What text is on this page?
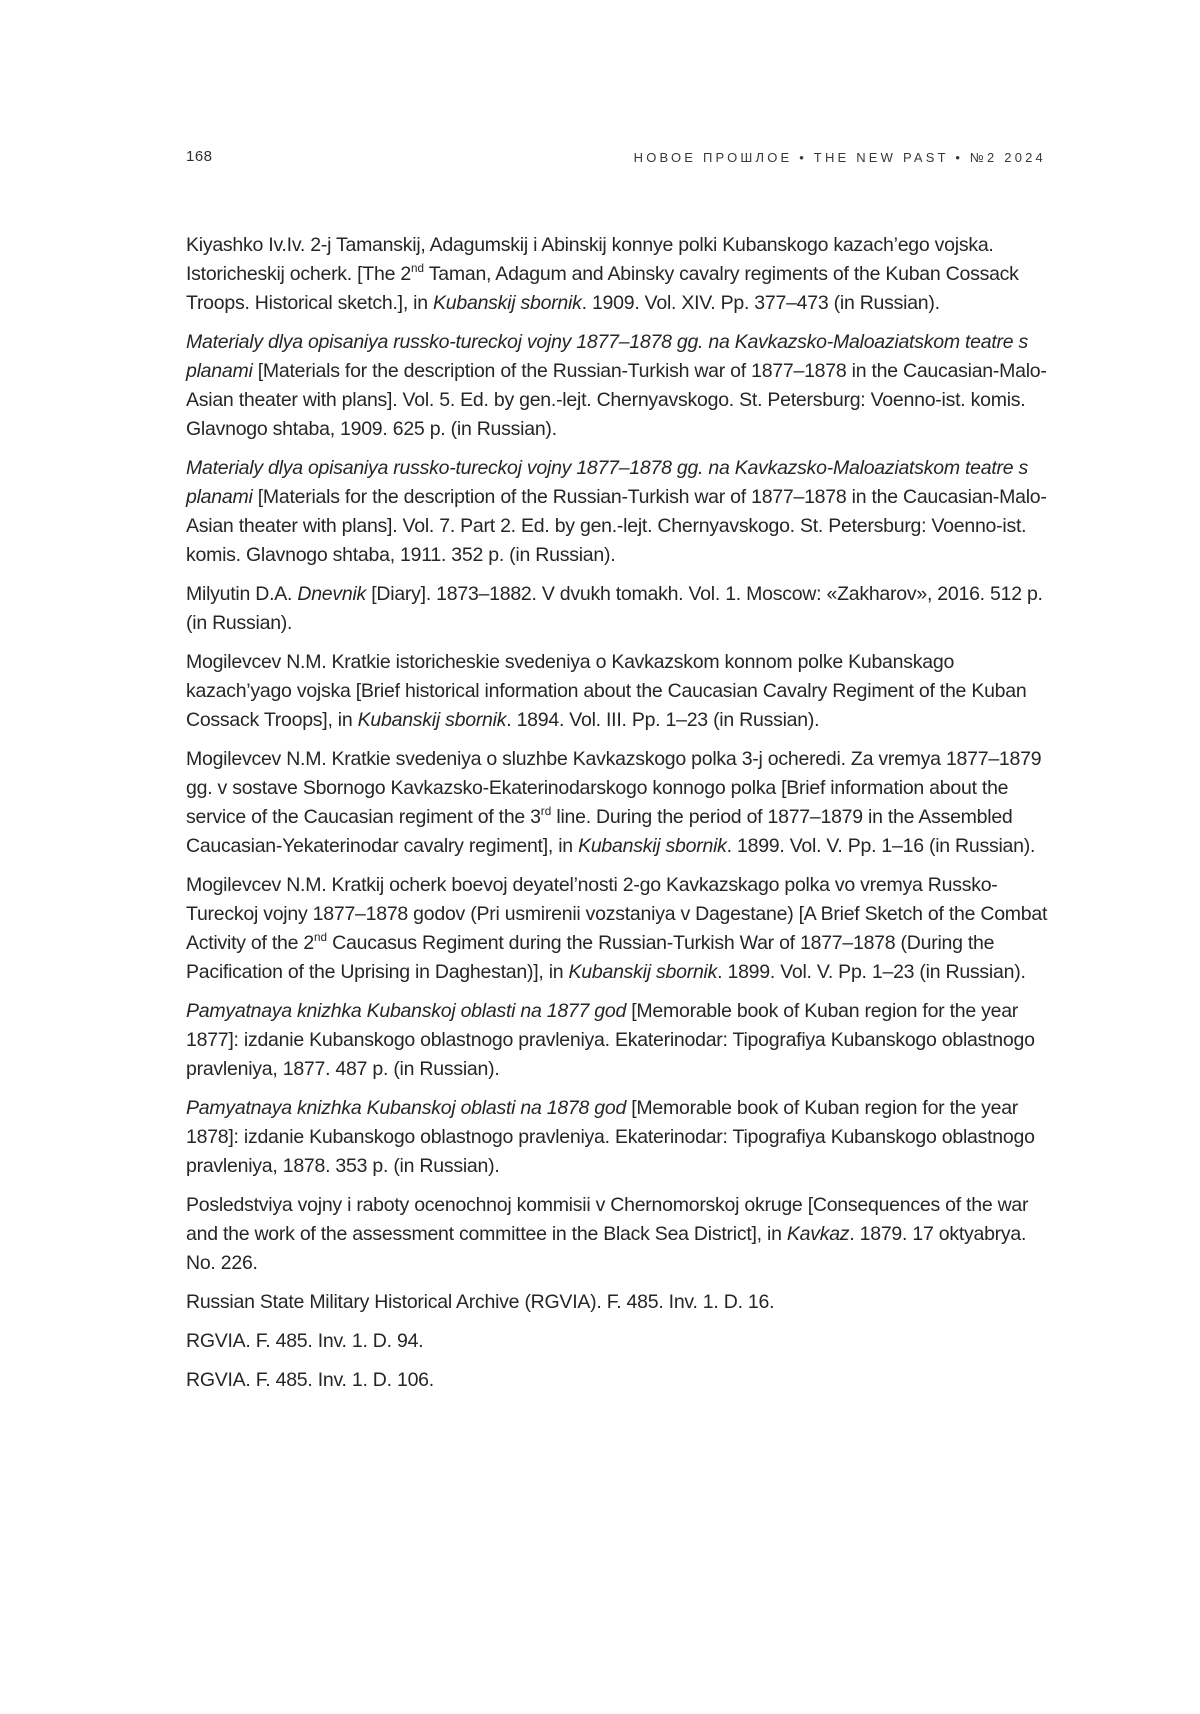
168	НОВОЕ ПРОШЛОЕ • THE NEW PAST • №2 2024

Kiyashko Iv.Iv. 2-j Tamanskij, Adagumskij i Abinskij konnye polki Kubanskogo kazach’ego vojska. Istoricheskij ocherk. [The 2nd Taman, Adagum and Abinsky cavalry regiments of the Kuban Cossack Troops. Historical sketch.], in Kubanskij sbornik. 1909. Vol. XIV. Pp. 377–473 (in Russian).

Materialy dlya opisaniya russko-tureckoj vojny 1877–1878 gg. na Kavkazsko-Maloaziatskom teatre s planami [Materials for the description of the Russian-Turkish war of 1877–1878 in the Caucasian-Malo-Asian theater with plans]. Vol. 5. Ed. by gen.-lejt. Chernyavskogo. St. Petersburg: Voenno-ist. komis. Glavnogo shtaba, 1909. 625 p. (in Russian).

Materialy dlya opisaniya russko-tureckoj vojny 1877–1878 gg. na Kavkazsko-Maloaziatskom teatre s planami [Materials for the description of the Russian-Turkish war of 1877–1878 in the Caucasian-Malo-Asian theater with plans]. Vol. 7. Part 2. Ed. by gen.-lejt. Chernyavskogo. St. Petersburg: Voenno-ist. komis. Glavnogo shtaba, 1911. 352 p. (in Russian).

Milyutin D.A. Dnevnik [Diary]. 1873–1882. V dvukh tomakh. Vol. 1. Moscow: «Zakharov», 2016. 512 p. (in Russian).

Mogilevcev N.M. Kratkie istoricheskie svedeniya o Kavkazskom konnom polke Kubanskago kazach’yago vojska [Brief historical information about the Caucasian Cavalry Regiment of the Kuban Cossack Troops], in Kubanskij sbornik. 1894. Vol. III. Pp. 1–23 (in Russian).

Mogilevcev N.M. Kratkie svedeniya o sluzhbe Kavkazskogo polka 3-j ocheredi. Za vremya 1877–1879 gg. v sostave Sbornogo Kavkazsko-Ekaterinodarskogo konnogo polka [Brief information about the service of the Caucasian regiment of the 3rd line. During the period of 1877–1879 in the Assembled Caucasian-Yekaterinodar cavalry regiment], in Kubanskij sbornik. 1899. Vol. V. Pp. 1–16 (in Russian).

Mogilevcev N.M. Kratkij ocherk boevoj deyatel’nosti 2-go Kavkazskago polka vo vremya Russko-Tureckoj vojny 1877–1878 godov (Pri usmirenii vozstaniya v Dagestane) [A Brief Sketch of the Combat Activity of the 2nd Caucasus Regiment during the Russian-Turkish War of 1877–1878 (During the Pacification of the Uprising in Daghestan)], in Kubanskij sbornik. 1899. Vol. V. Pp. 1–23 (in Russian).

Pamyatnaya knizhka Kubanskoj oblasti na 1877 god [Memorable book of Kuban region for the year 1877]: izdanie Kubanskogo oblastnogo pravleniya. Ekaterinodar: Tipografiya Kubanskogo oblastnogo pravleniya, 1877. 487 p. (in Russian).

Pamyatnaya knizhka Kubanskoj oblasti na 1878 god [Memorable book of Kuban region for the year 1878]: izdanie Kubanskogo oblastnogo pravleniya. Ekaterinodar: Tipografiya Kubanskogo oblastnogo pravleniya, 1878. 353 p. (in Russian).

Posledstviya vojny i raboty ocenochnoj kommisii v Chernomorskoj okruge [Consequences of the war and the work of the assessment committee in the Black Sea District], in Kavkaz. 1879. 17 oktyabrya. No. 226.

Russian State Military Historical Archive (RGVIA). F. 485. Inv. 1. D. 16.

RGVIA. F. 485. Inv. 1. D. 94.

RGVIA. F. 485. Inv. 1. D. 106.
